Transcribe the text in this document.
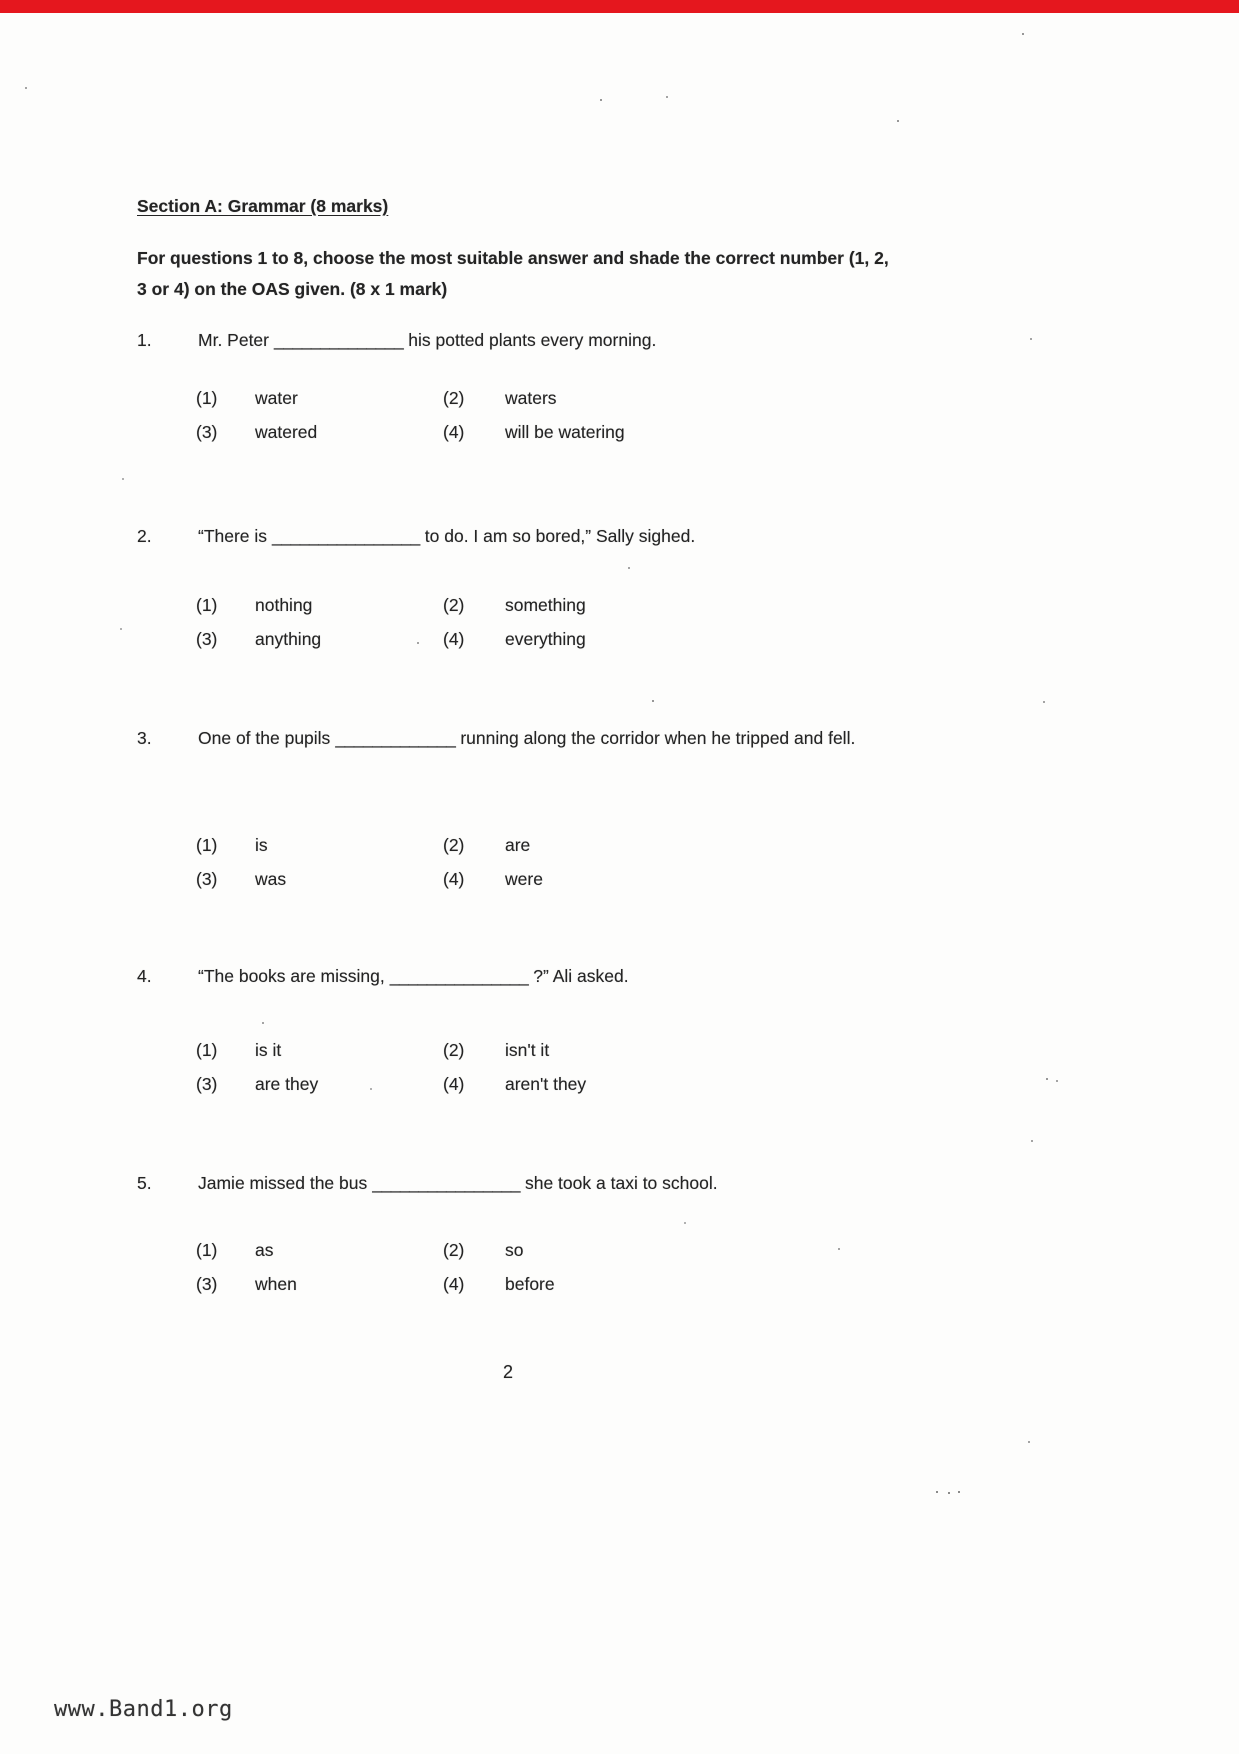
Section A: Grammar (8 marks)
For questions 1 to 8, choose the most suitable answer and shade the correct number (1, 2, 3 or 4) on the OAS given. (8 x 1 mark)
1.	Mr. Peter ______________ his potted plants every morning.
(1)	water	(2)	waters
(3)	watered	(4)	will be watering
2.	“There is ________________ to do. I am so bored,” Sally sighed.
(1)	nothing	(2)	something
(3)	anything	(4)	everything
3.	One of the pupils _____________ running along the corridor when he tripped and fell.
(1)	is	(2)	are
(3)	was	(4)	were
4.	“The books are missing, _______________ ?” Ali asked.
(1)	is it	(2)	isn't it
(3)	are they	(4)	aren't they
5.	Jamie missed the bus ________________ she took a taxi to school.
(1)	as	(2)	so
(3)	when	(4)	before
2
www.Band1.org
